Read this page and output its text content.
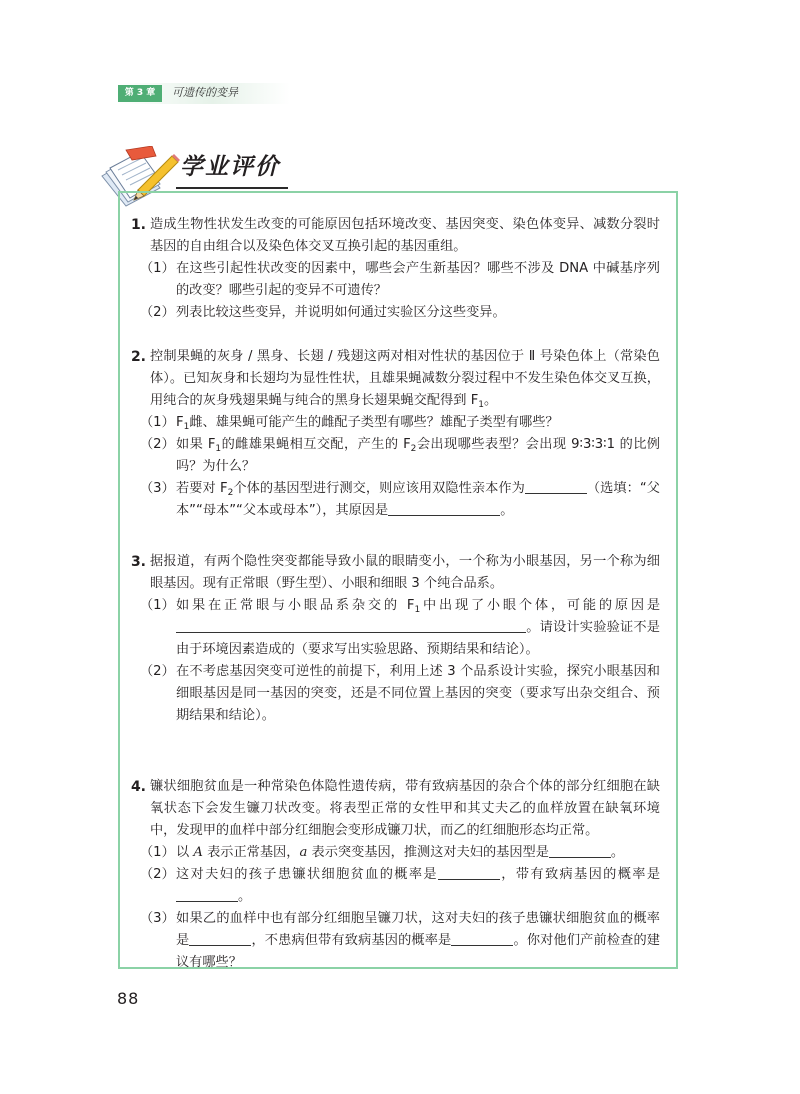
第 3 章	可遗传的变异
学业评价

1. 造成生物性状发生改变的可能原因包括环境改变、基因突变、染色体变异、减数分裂时基因的自由组合以及染色体交叉互换引起的基因重组。

（1） 在这些引起性状改变的因素中，哪些会产生新基因？哪些不涉及 DNA 中碱基序列的改变？哪些引起的变异不可遗传？

（2） 列表比较这些变异，并说明如何通过实验区分这些变异。

2. 控制果蝇的灰身 / 黑身、长翅 / 残翅这两对相对性状的基因位于 Ⅱ 号染色体上（常染色体）。已知灰身和长翅均为显性性状，且雄果蝇减数分裂过程中不发生染色体交叉互换，用纯合的灰身残翅果蝇与纯合的黑身长翅果蝇交配得到 $F_1$。

（1） $F_1$雌、雄果蝇可能产生的雌配子类型有哪些？雄配子类型有哪些？

（2） 如果 $F_1$的雌雄果蝇相互交配，产生的 $F_2$会出现哪些表型？会出现 9∶3∶3∶1 的比例吗？为什么？

（3） 若要对 $F_2$个体的基因型进行测交，则应该用双隐性亲本作为	（选填：“父本”“母本”“父本或母本”），其原因是	。

3. 据报道，有两个隐性突变都能导致小鼠的眼睛变小，一个称为小眼基因，另一个称为细眼基因。现有正常眼（野生型）、小眼和细眼 3 个纯合品系。

（1） 如果在正常眼与小眼品系杂交的 $F_1$中出现了小眼个体，可能的原因是。请设计实验验证不是由于环境因素造成的（要求写出实验思路、预期结果和结论）。

（2） 在不考虑基因突变可逆性的前提下，利用上述 3 个品系设计实验，探究小眼基因和细眼基因是同一基因的突变，还是不同位置上基因的突变（要求写出杂交组合、预期结果和结论）。

4. 镰状细胞贫血是一种常染色体隐性遗传病，带有致病基因的杂合个体的部分红细胞在缺氧状态下会发生镰刀状改变。将表型正常的女性甲和其丈夫乙的血样放置在缺氧环境中，发现甲的血样中部分红细胞会变形成镰刀状，而乙的红细胞形态均正常。

（1） 以 A 表示正常基因，a 表示突变基因，推测这对夫妇的基因型是	。

（2） 这对夫妇的孩子患镰状细胞贫血的概率是	，带有致病基因的概率是。

（3） 如果乙的血样中也有部分红细胞呈镰刀状，这对夫妇的孩子患镰状细胞贫血的概率是	，不患病但带有致病基因的概率是	。你对他们产前检查的建议有哪些？

88
